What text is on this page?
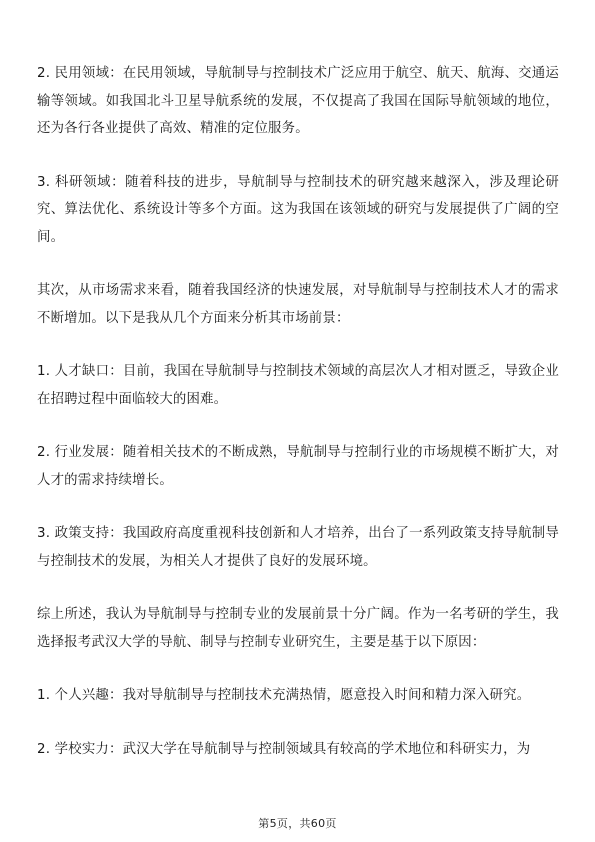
2. 民用领域：在民用领域，导航制导与控制技术广泛应用于航空、航天、航海、交通运输等领域。如我国北斗卫星导航系统的发展，不仅提高了我国在国际导航领域的地位，还为各行各业提供了高效、精准的定位服务。

3. 科研领域：随着科技的进步，导航制导与控制技术的研究越来越深入，涉及理论研究、算法优化、系统设计等多个方面。这为我国在该领域的研究与发展提供了广阔的空间。

其次，从市场需求来看，随着我国经济的快速发展，对导航制导与控制技术人才的需求不断增加。以下是我从几个方面来分析其市场前景：

1. 人才缺口：目前，我国在导航制导与控制技术领域的高层次人才相对匮乏，导致企业在招聘过程中面临较大的困难。

2. 行业发展：随着相关技术的不断成熟，导航制导与控制行业的市场规模不断扩大，对人才的需求持续增长。

3. 政策支持：我国政府高度重视科技创新和人才培养，出台了一系列政策支持导航制导与控制技术的发展，为相关人才提供了良好的发展环境。

综上所述，我认为导航制导与控制专业的发展前景十分广阔。作为一名考研的学生，我选择报考武汉大学的导航、制导与控制专业研究生，主要是基于以下原因：

1. 个人兴趣：我对导航制导与控制技术充满热情，愿意投入时间和精力深入研究。

2. 学校实力：武汉大学在导航制导与控制领域具有较高的学术地位和科研实力，为

第5页，共60页
